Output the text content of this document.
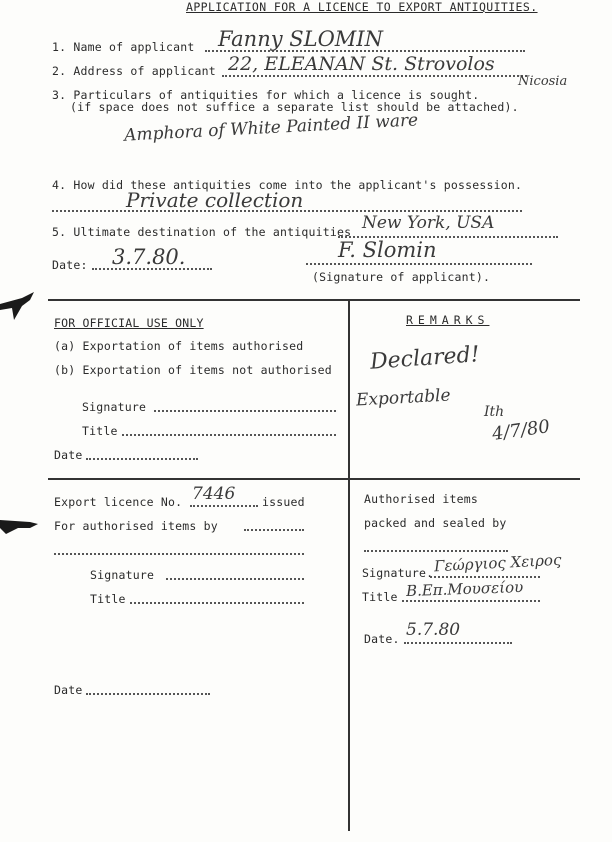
APPLICATION FOR A LICENCE TO EXPORT ANTIQUITIES.
1. Name of applicant Fanny SLOMIN
2. Address of applicant 22, ELEANAN St. Strovolos
Nicosia
3. Particulars of antiquities for which a licence is sought.
(if space does not suffice a separate list should be attached).
Amphora of White Painted II ware
4. How did these antiquities come into the applicant's possession.
Private collection
5. Ultimate destination of the antiquities New York, USA
Date: 3.7.80.	F. Slomin
(Signature of applicant).
FOR OFFICIAL USE ONLY
(a) Exportation of items authorised
(b) Exportation of items not authorised
Signature
Title
Date
REMARKS
Declared!
Exportable
Ith
4/7/80
Export licence No. 7446 issued
For authorised items by
Signature
Title
Date
Authorised items
packed and sealed by
Signature. Γεώργιος Χειρος
Title Β.Επ.Μουσείου
Date. 5.7.80
